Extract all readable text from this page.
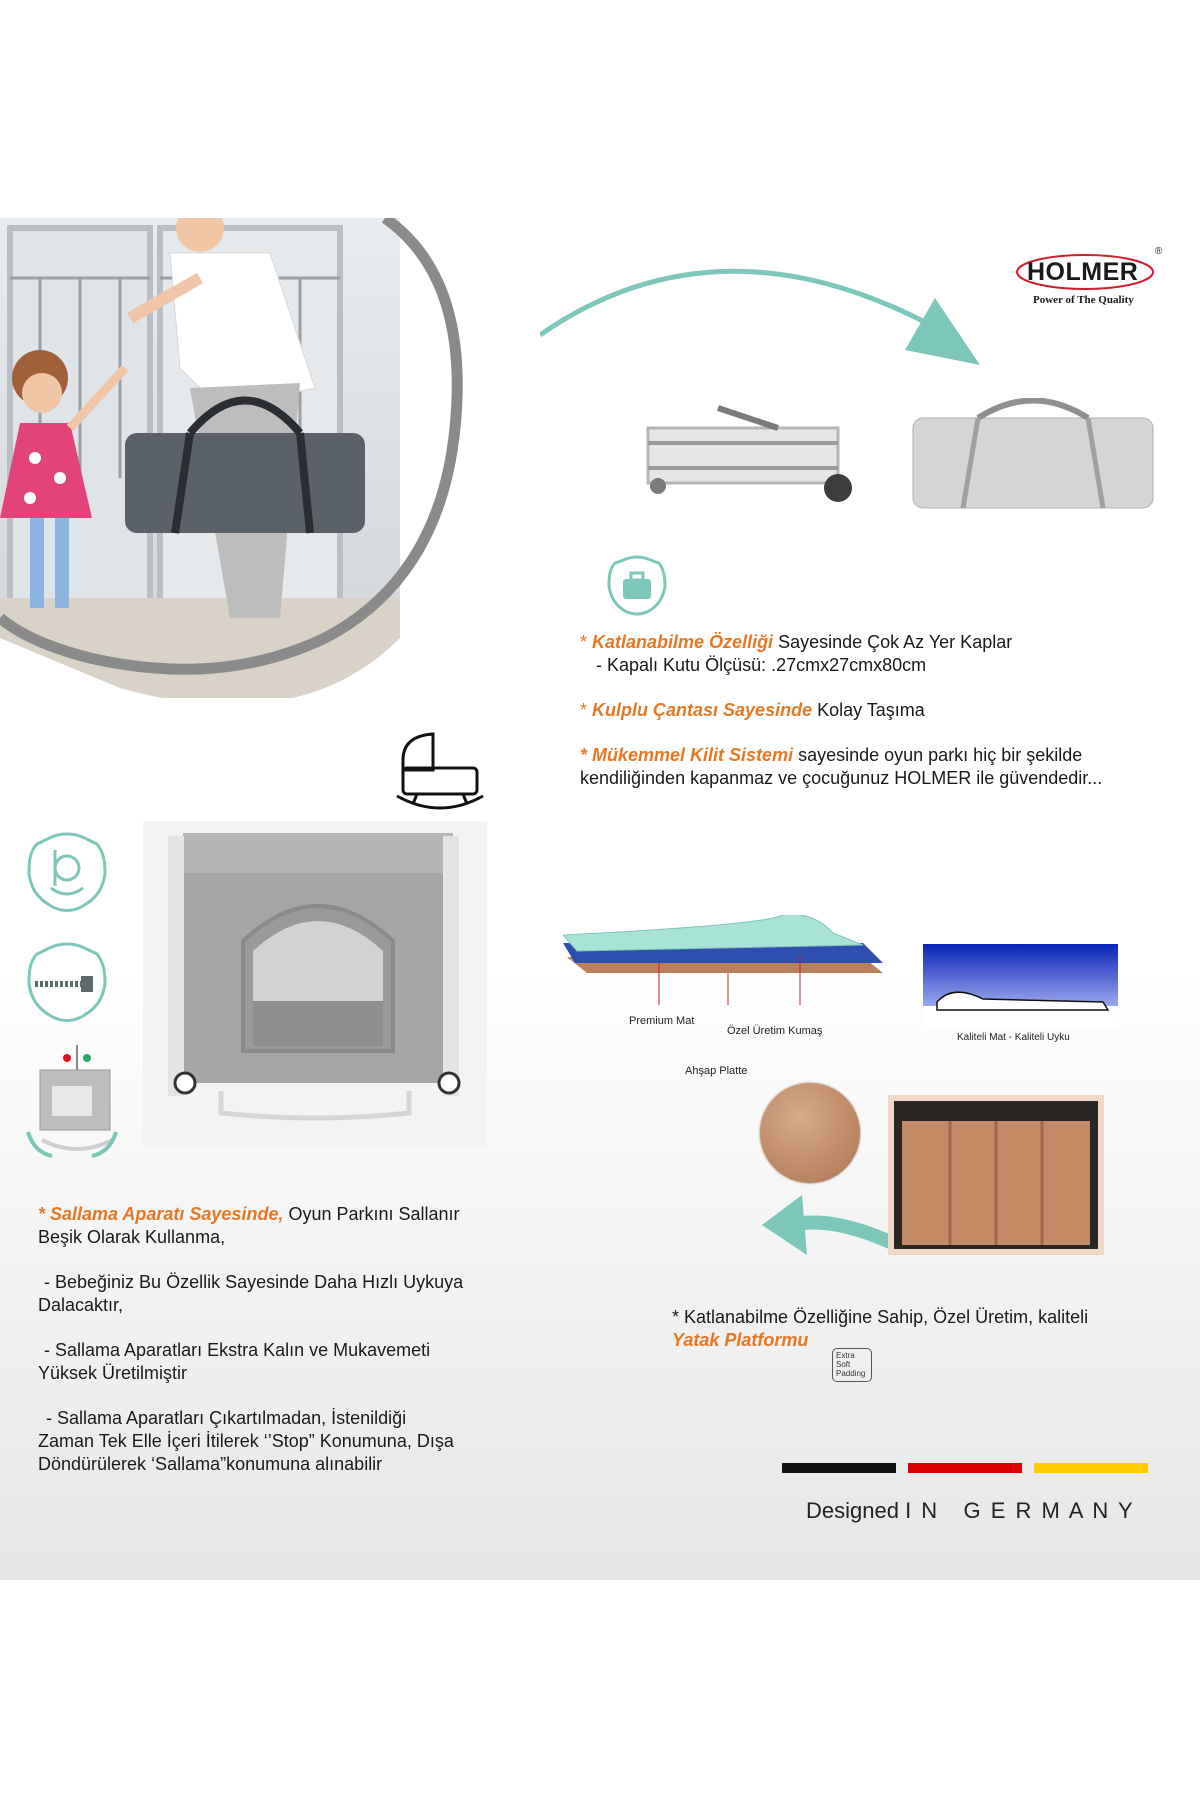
HOLMER
®
Power of The Quality
* Katlanabilme Özelliği Sayesinde Çok Az Yer Kaplar
- Kapalı Kutu Ölçüsü: .27cmx27cmx80cm
* Kulplu Çantası Sayesinde Kolay Taşıma
* Mükemmel Kilit Sistemi sayesinde oyun parkı hiç bir şekilde
kendiliğinden kapanmaz ve çocuğunuz HOLMER ile güvendedir...
Premium Mat
Özel Üretim Kumaş
Ahşap Platte
Kaliteli Mat - Kaliteli Uyku
* Sallama Aparatı Sayesinde, Oyun Parkını Sallanır
Beşik Olarak Kullanma,
- Bebeğiniz Bu Özellik Sayesinde Daha Hızlı Uykuya
Dalacaktır,
- Sallama Aparatları Ekstra Kalın ve Mukavemeti
Yüksek Üretilmiştir
- Sallama Aparatları Çıkartılmadan, İstenildiği
Zaman Tek Elle İçeri İtilerek ‘’Stop” Konumuna, Dışa
Döndürülerek ‘Sallama”konumuna alınabilir
* Katlanabilme Özelliğine Sahip, Özel Üretim, kaliteli
Yatak Platformu
Extra
Soft
Padding
Designed I N   G E R M A N Y
